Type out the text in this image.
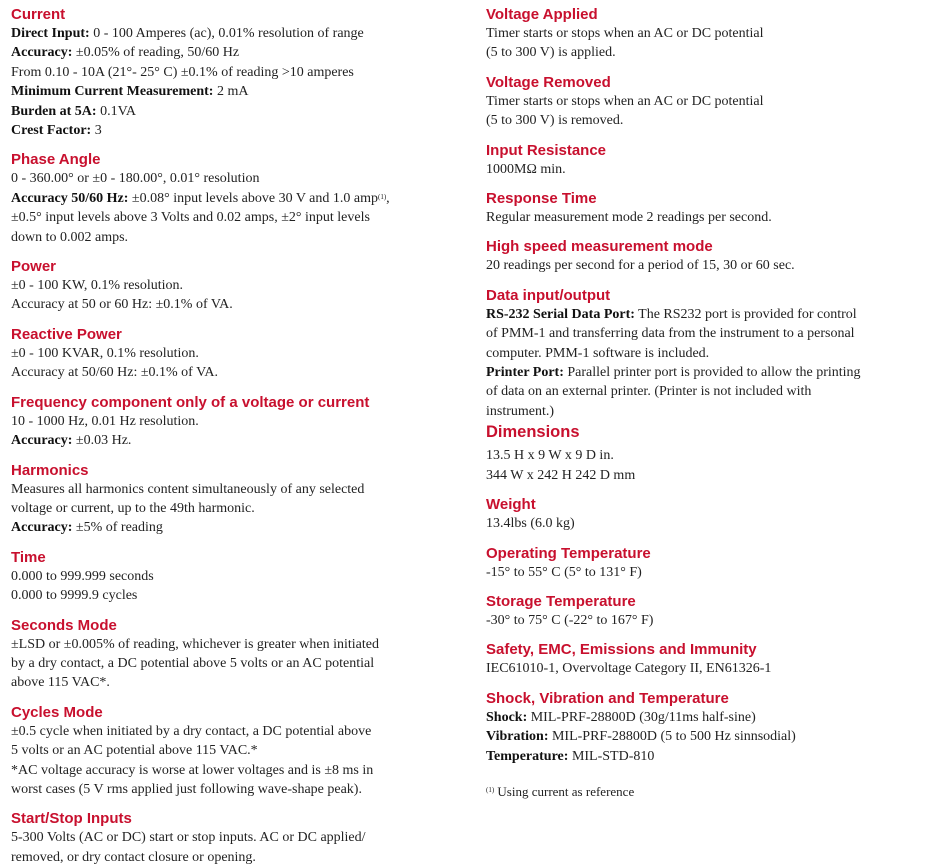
Current
Direct Input: 0 - 100 Amperes (ac), 0.01% resolution of range
Accuracy: ±0.05% of reading, 50/60 Hz
From 0.10 - 10A (21°- 25° C) ±0.1% of reading >10 amperes
Minimum Current Measurement: 2 mA
Burden at 5A: 0.1VA
Crest Factor: 3
Phase Angle
0 - 360.00° or ±0 - 180.00°, 0.01° resolution
Accuracy 50/60 Hz: ±0.08° input levels above 30 V and 1.0 amp$^{(1)}$,
±0.5° input levels above 3 Volts and 0.02 amps, ±2° input levels
down to 0.002 amps.
Power
±0 - 100 KW, 0.1% resolution.
Accuracy at 50 or 60 Hz: ±0.1% of VA.
Reactive Power
±0 - 100 KVAR, 0.1% resolution.
Accuracy at 50/60 Hz: ±0.1% of VA.
Frequency component only of a voltage or current
10 - 1000 Hz, 0.01 Hz resolution.
Accuracy: ±0.03 Hz.
Harmonics
Measures all harmonics content simultaneously of any selected
voltage or current, up to the 49th harmonic.
Accuracy: ±5% of reading
Time
0.000 to 999.999 seconds
0.000 to 9999.9 cycles
Seconds Mode
±LSD or ±0.005% of reading, whichever is greater when initiated
by a dry contact, a DC potential above 5 volts or an AC potential
above 115 VAC*.
Cycles Mode
±0.5 cycle when initiated by a dry contact, a DC potential above
5 volts or an AC potential above 115 VAC.*
*AC voltage accuracy is worse at lower voltages and is ±8 ms in
worst cases (5 V rms applied just following wave-shape peak).
Start/Stop Inputs
5-300 Volts (AC or DC) start or stop inputs. AC or DC applied/
removed, or dry contact closure or opening.
Voltage Applied
Timer starts or stops when an AC or DC potential
(5 to 300 V) is applied.
Voltage Removed
Timer starts or stops when an AC or DC potential
(5 to 300 V) is removed.
Input Resistance
1000MΩ min.
Response Time
Regular measurement mode 2 readings per second.
High speed measurement mode
20 readings per second for a period of 15, 30 or 60 sec.
Data input/output
RS-232 Serial Data Port: The RS232 port is provided for control
of PMM-1 and transferring data from the instrument to a personal
computer. PMM-1 software is included.
Printer Port: Parallel printer port is provided to allow the printing
of data on an external printer. (Printer is not included with
instrument.)
Dimensions
13.5 H x 9 W x 9 D in.
344 W x 242 H 242 D mm
Weight
13.4lbs (6.0 kg)
Operating Temperature
-15° to 55° C (5° to 131° F)
Storage Temperature
-30° to 75° C (-22° to 167° F)
Safety, EMC, Emissions and Immunity
IEC61010-1, Overvoltage Category II, EN61326-1
Shock, Vibration and Temperature
Shock: MIL-PRF-28800D (30g/11ms half-sine)
Vibration: MIL-PRF-28800D (5 to 500 Hz sinnsodial)
Temperature: MIL-STD-810
$^{(1)}$ Using current as reference
